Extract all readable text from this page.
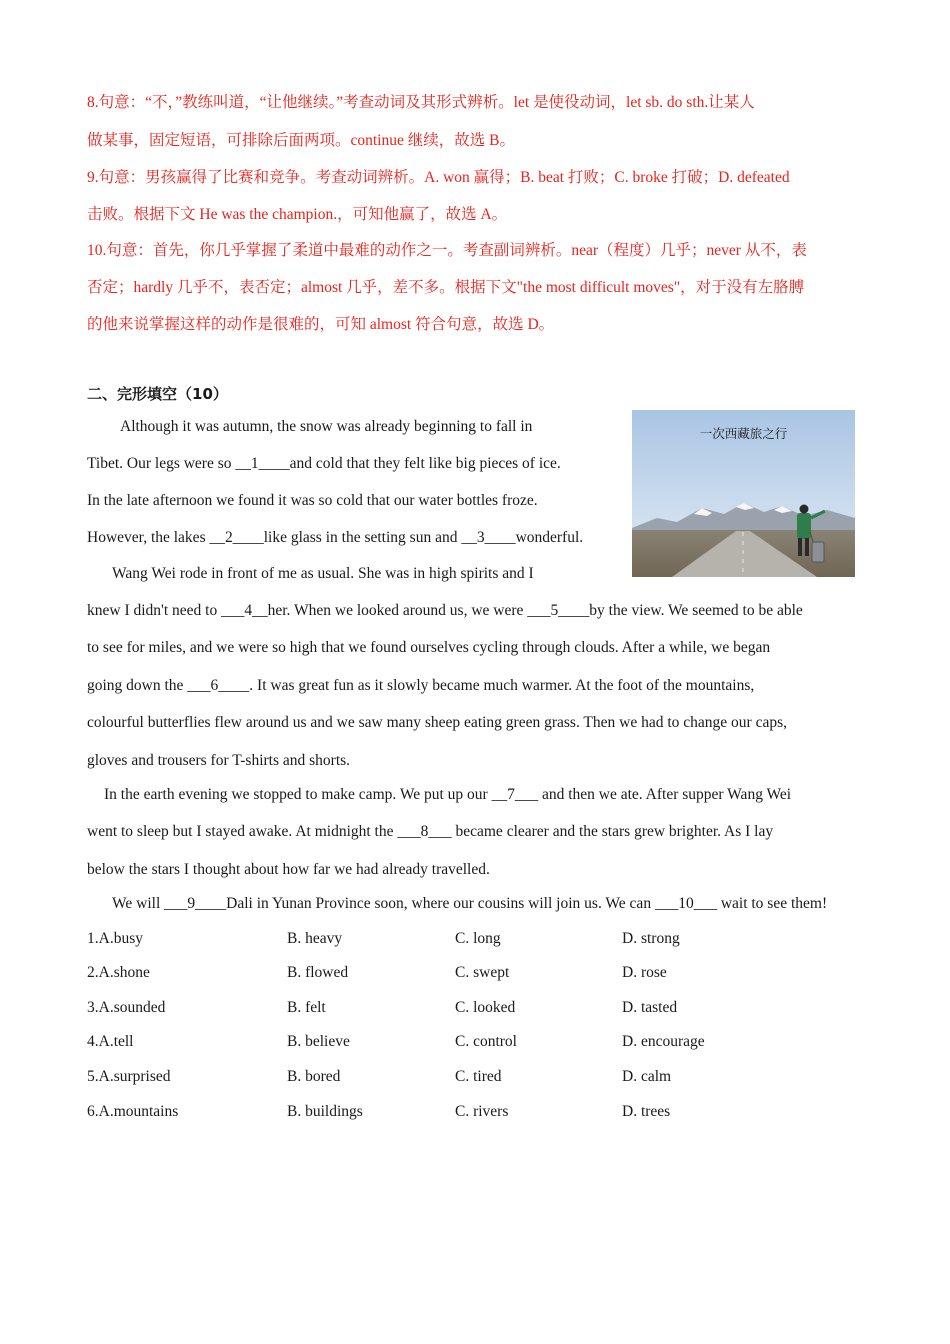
8.句意：“不，”教练叫道，“让他继续。”考查动词及其形式辨析。let 是使役动词，let sb. do sth.让某人
做某事，固定短语，可排除后面两项。continue 继续，故选 B。
9.句意：男孩赢得了比赛和竞争。考查动词辨析。A. won 赢得；B. beat 打败；C. broke 打破；D. defeated
击败。根据下文 He was the champion.，可知他赢了，故选 A。
10.句意：首先，你几乎掌握了柔道中最难的动作之一。考查副词辨析。near（程度）几乎；never 从不，表
否定；hardly 几乎不，表否定；almost 几乎，差不多。根据下文"the most difficult moves"，对于没有左胳膊
的他来说掌握这样的动作是很难的，可知 almost 符合句意，故选 D。
二、完形填空（10）
一次西藏旅之行
Although it was autumn, the snow was already beginning to fall in
Tibet. Our legs were so __1____and cold that they felt like big pieces of ice.
In the late afternoon we found it was so cold that our water bottles froze.
However, the lakes __2____like glass in the setting sun and __3____wonderful.
Wang Wei rode in front of me as usual. She was in high spirits and I
knew I didn't need to ___4__her. When we looked around us, we were ___5____by the view. We seemed to be able
to see for miles, and we were so high that we found ourselves cycling through clouds. After a while, we began
going down the ___6____. It was great fun as it slowly became much warmer. At the foot of the mountains,
colourful butterflies flew around us and we saw many sheep eating green grass. Then we had to change our caps,
gloves and trousers for T-shirts and shorts.
In the earth evening we stopped to make camp. We put up our __7___ and then we ate. After supper Wang Wei
went to sleep but I stayed awake. At midnight the ___8___ became clearer and the stars grew brighter. As I lay
below the stars I thought about how far we had already travelled.
We will ___9____Dali in Yunan Province soon, where our cousins will join us. We can ___10___ wait to see them!
1.A.busy	B. heavy	C. long	D. strong
2.A.shone	B. flowed	C. swept	D. rose
3.A.sounded	B. felt	C. looked	D. tasted
4.A.tell	B. believe	C. control	D. encourage
5.A.surprised	B. bored	C. tired	D. calm
6.A.mountains	B. buildings	C. rivers	D. trees
